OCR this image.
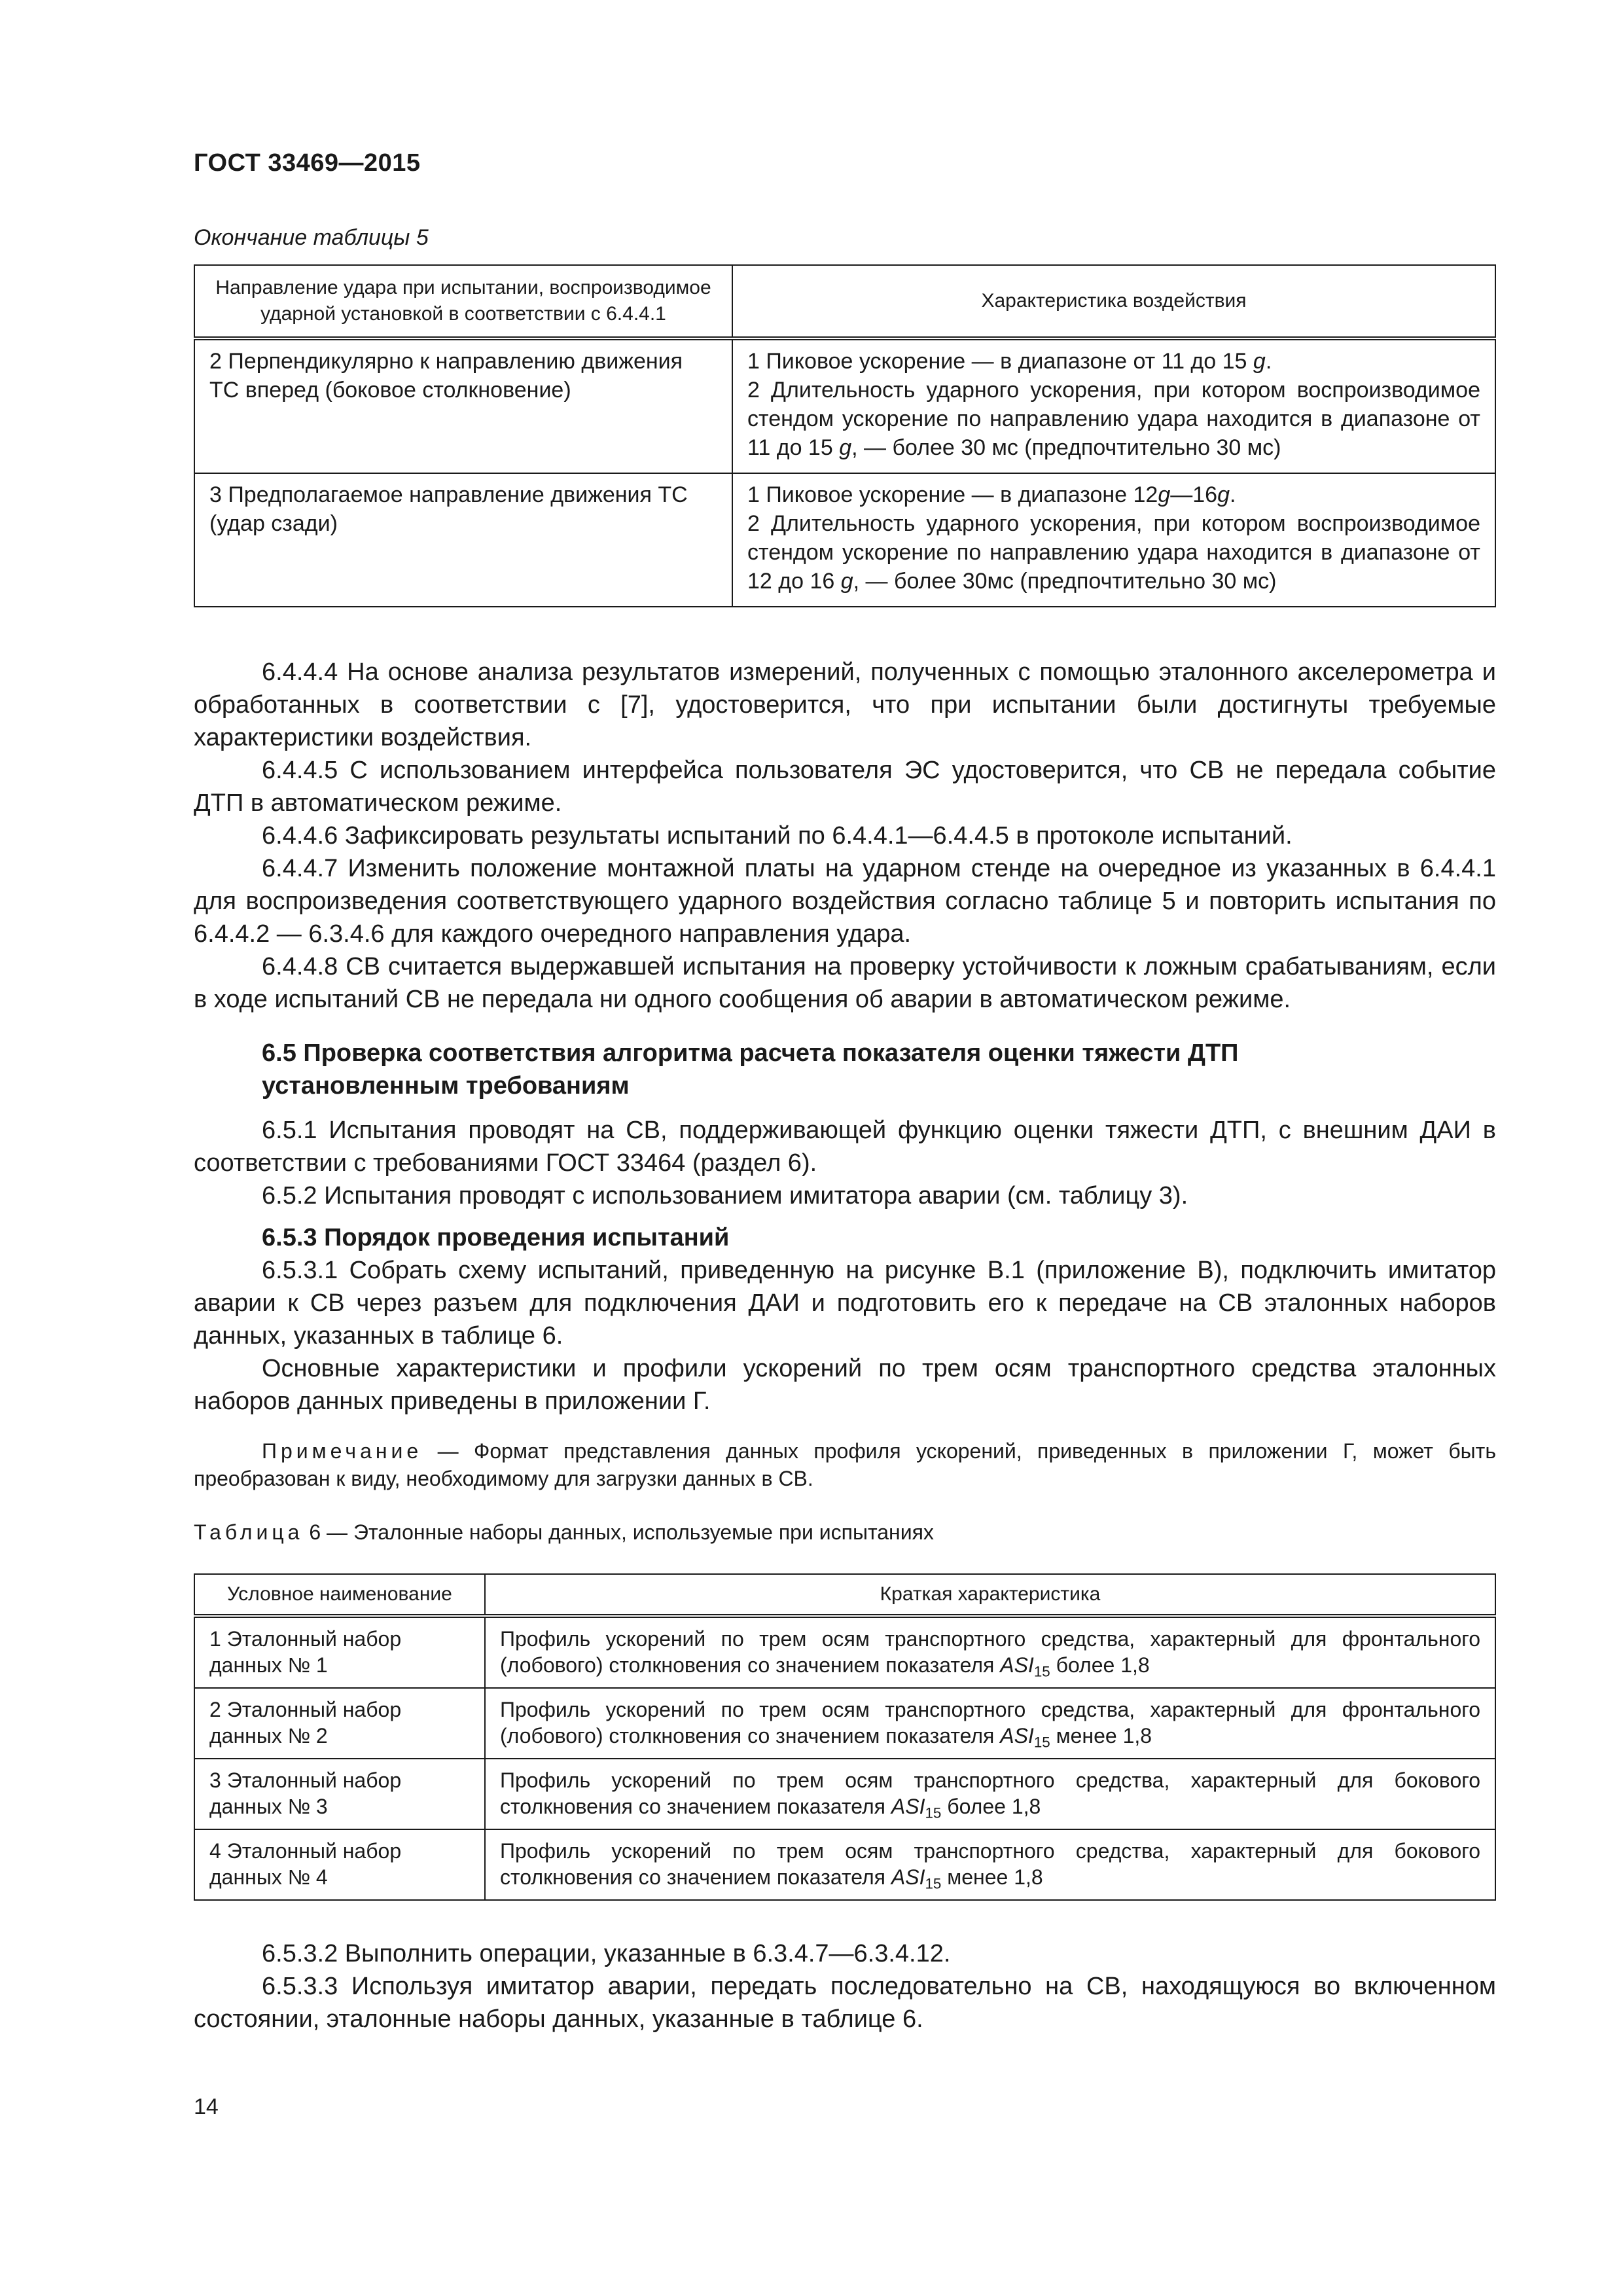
ГОСТ 33469—2015
Окончание таблицы 5
Направление удара при испытании, воспроизводимое ударной установкой в соответствии с 6.4.4.1	Характеристика воздействия
2 Перпендикулярно к направлению движения ТС вперед (боковое столкновение)	1 Пиковое ускорение — в диапазоне от 11 до 15 g.
2 Длительность ударного ускорения, при котором воспроизводимое стендом ускорение по направлению удара находится в диапазоне от 11 до 15 g, — более 30 мс (предпочтительно 30 мс)

3 Предполагаемое направление движения ТС (удар сзади)	1 Пиковое ускорение — в диапазоне 12g—16g.
2 Длительность ударного ускорения, при котором воспроизводимое стендом ускорение по направлению удара находится в диапазоне от 12 до 16 g, — более 30мс (предпочтительно 30 мс)

6.4.4.4 На основе анализа результатов измерений, полученных с помощью эталонного акселерометра и обработанных в соответствии с [7], удостоверится, что при испытании были достигнуты требуемые характеристики воздействия.

6.4.4.5 С использованием интерфейса пользователя ЭС удостоверится, что СВ не передала событие ДТП в автоматическом режиме.

6.4.4.6 Зафиксировать результаты испытаний по 6.4.4.1—6.4.4.5 в протоколе испытаний.

6.4.4.7 Изменить положение монтажной платы на ударном стенде на очередное из указанных в 6.4.4.1 для воспроизведения соответствующего ударного воздействия согласно таблице 5 и повторить испытания по 6.4.4.2 — 6.3.4.6 для каждого очередного направления удара.

6.4.4.8 СВ считается выдержавшей испытания на проверку устойчивости к ложным срабатываниям, если в ходе испытаний СВ не передала ни одного сообщения об аварии в автоматическом режиме.

6.5 Проверка соответствия алгоритма расчета показателя оценки тяжести ДТП
установленным требованиям

6.5.1 Испытания проводят на СВ, поддерживающей функцию оценки тяжести ДТП, с внешним ДАИ в соответствии с требованиями ГОСТ 33464 (раздел 6).

6.5.2 Испытания проводят с использованием имитатора аварии (см. таблицу 3).

6.5.3 Порядок проведения испытаний

6.5.3.1 Собрать схему испытаний, приведенную на рисунке В.1 (приложение В), подключить имитатор аварии к СВ через разъем для подключения ДАИ и подготовить его к передаче на СВ эталонных наборов данных, указанных в таблице 6.

Основные характеристики и профили ускорений по трем осям транспортного средства эталонных наборов данных приведены в приложении Г.

Примечание — Формат представления данных профиля ускорений, приведенных в приложении Г, может быть преобразован к виду, необходимому для загрузки данных в СВ.

Таблица 6 — Эталонные наборы данных, используемые при испытаниях

Условное наименование	Краткая характеристика
1 Эталонный набор данных № 1	Профиль ускорений по трем осям транспортного средства, характерный для фронтального (лобового) столкновения со значением показателя $ASI_{15}$ более 1,8
2 Эталонный набор данных № 2	Профиль ускорений по трем осям транспортного средства, характерный для фронтального (лобового) столкновения со значением показателя $ASI_{15}$ менее 1,8
3 Эталонный набор данных № 3	Профиль ускорений по трем осям транспортного средства, характерный для бокового столкновения со значением показателя $ASI_{15}$ более 1,8
4 Эталонный набор данных № 4	Профиль ускорений по трем осям транспортного средства, характерный для бокового столкновения со значением показателя $ASI_{15}$ менее 1,8

6.5.3.2 Выполнить операции, указанные в 6.3.4.7—6.3.4.12.

6.5.3.3 Используя имитатор аварии, передать последовательно на СВ, находящуюся во включенном состоянии, эталонные наборы данных, указанные в таблице 6.

14
